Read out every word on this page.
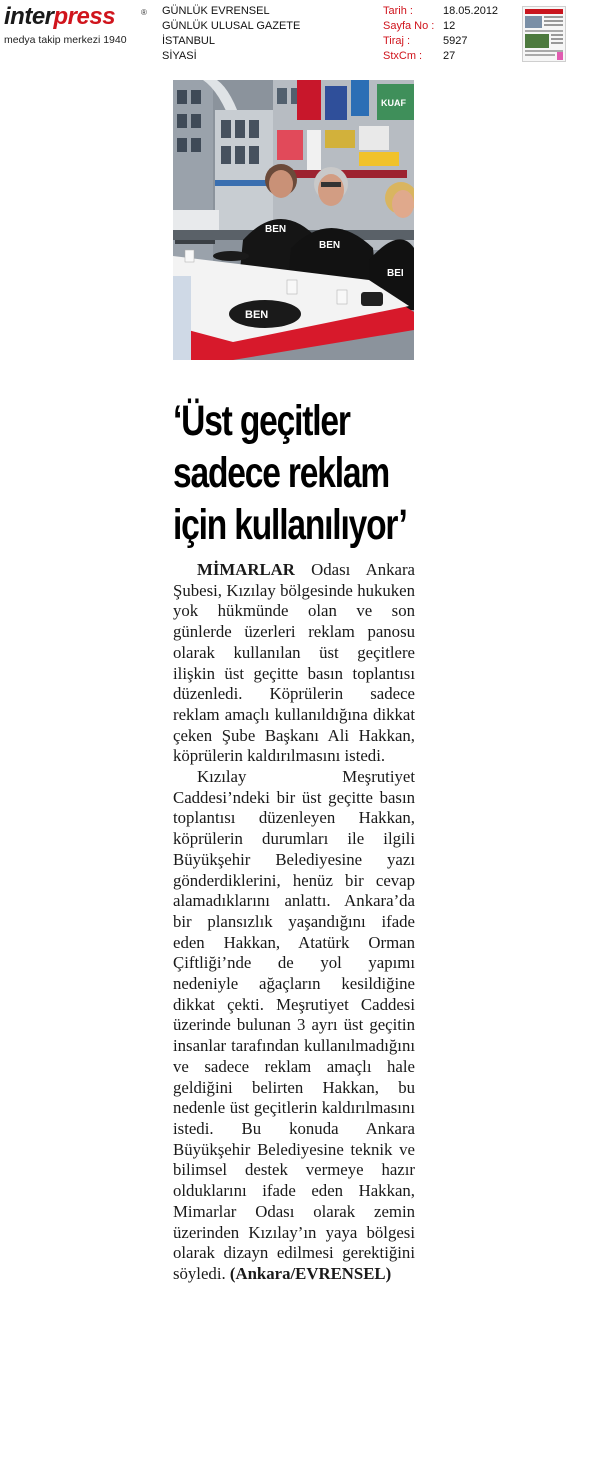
interpress	®
medya takip merkezi 1940
GÜNLÜK EVRENSEL
GÜNLÜK ULUSAL GAZETE
İSTANBUL
SİYASİ
Tarih :
Sayfa No :
Tiraj :
StxCm :
18.05.2012
12
5927
27
KUAF
BEN
BEN
BEI
BEN
‘Üst geçitler
sadece reklam
için kullanılıyor’

MİMARLAR Odası Ankara Şubesi, Kızılay bölgesinde hukuken yok hükmünde olan ve son günlerde üzerleri reklam panosu olarak kullanılan üst geçitlere ilişkin üst geçitte basın toplantısı düzenledi. Köprülerin sadece reklam amaçlı kullanıldığına dikkat çeken Şube Başkanı Ali Hakkan, köprülerin kaldırılmasını istedi.

Kızılay Meşrutiyet Caddesi’ndeki bir üst geçitte basın toplantısı düzenleyen Hakkan, köprülerin durumları ile ilgili Büyükşehir Belediyesine yazı gönderdiklerini, henüz bir cevap alamadıklarını anlattı. Ankara’da bir plansızlık yaşandığını ifade eden Hakkan, Atatürk Orman Çiftliği’nde de yol yapımı nedeniyle ağaçların kesildiğine dikkat çekti. Meşrutiyet Caddesi üzerinde bulunan 3 ayrı üst geçitin insanlar tarafından kullanılmadığını ve sadece reklam amaçlı hale geldiğini belirten Hakkan, bu nedenle üst geçitlerin kaldırılmasını istedi. Bu konuda Ankara Büyükşehir Belediyesine teknik ve bilimsel destek vermeye hazır olduklarını ifade eden Hakkan, Mimarlar Odası olarak zemin üzerinden Kızılay’ın yaya bölgesi olarak dizayn edilmesi gerektiğini söyledi. (Ankara/EVRENSEL)
